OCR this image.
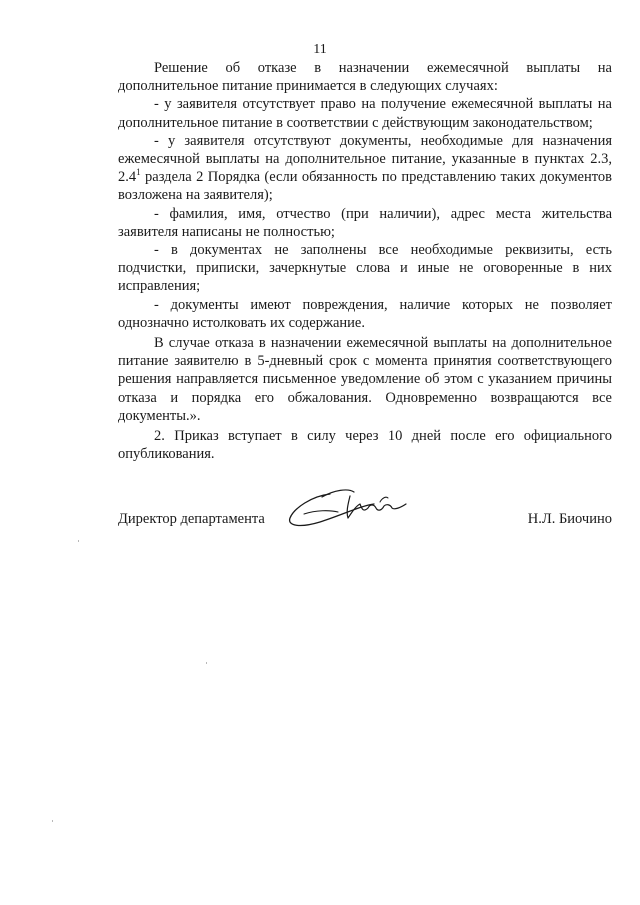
11

Решение об отказе в назначении ежемесячной выплаты на дополнительное питание принимается в следующих случаях:

- у заявителя отсутствует право на получение ежемесячной выплаты на дополнительное питание в соответствии с действующим законодательством;

- у заявителя отсутствуют документы, необходимые для назначения ежемесячной выплаты на дополнительное питание, указанные в пунктах 2.3, $2.4^1$ раздела 2 Порядка (если обязанность по представлению таких документов возложена на заявителя);

- фамилия, имя, отчество (при наличии), адрес места жительства заявителя написаны не полностью;

- в документах не заполнены все необходимые реквизиты, есть подчистки, приписки, зачеркнутые слова и иные не оговоренные в них исправления;

- документы имеют повреждения, наличие которых не позволяет однозначно истолковать их содержание.

В случае отказа в назначении ежемесячной выплаты на дополнительное питание заявителю в 5-дневный срок с момента принятия соответствующего решения направляется письменное уведомление об этом с указанием причины отказа и порядка его обжалования. Одновременно возвращаются все документы.».

2. Приказ вступает в силу через 10 дней после его официального опубликования.

Директор департамента	Н.Л. Биочино
